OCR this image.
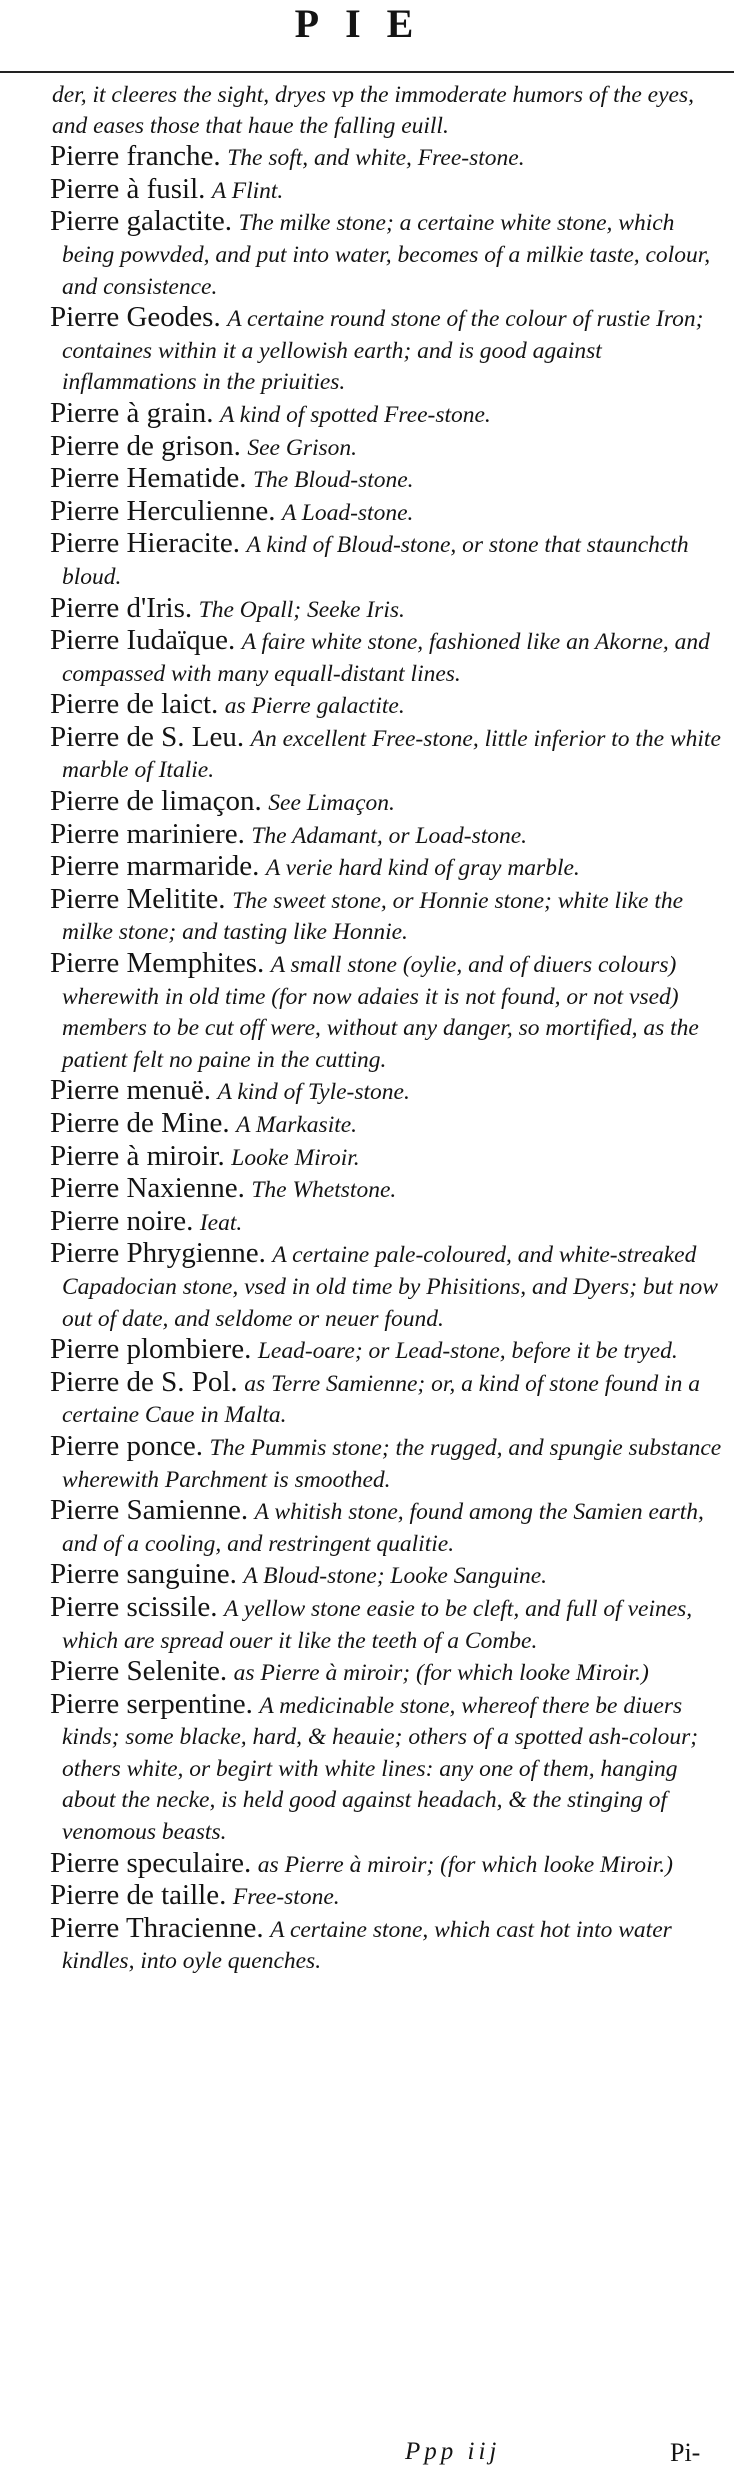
PIE

der, it cleeres the sight, dryes vp the immoderate humors of the eyes, and eases those that haue the falling euill.

Pierre franche. The soft, and white, Free-stone.

Pierre à fusil. A Flint.

Pierre galactite. The milke stone; a certaine white stone, which being powvded, and put into water, becomes of a milkie taste, colour, and consistence.

Pierre Geodes. A certaine round stone of the colour of rustie Iron; containes within it a yellowish earth; and is good against inflammations in the priuities.

Pierre à grain. A kind of spotted Free-stone.

Pierre de grison. See Grison.

Pierre Hematide. The Bloud-stone.

Pierre Herculienne. A Load-stone.

Pierre Hieracite. A kind of Bloud-stone, or stone that staunchcth bloud.

Pierre d'Iris. The Opall; Seeke Iris.

Pierre Iudaïque. A faire white stone, fashioned like an Akorne, and compassed with many equall-distant lines.

Pierre de laict. as Pierre galactite.

Pierre de S. Leu. An excellent Free-stone, little inferior to the white marble of Italie.

Pierre de limaçon. See Limaçon.

Pierre mariniere. The Adamant, or Load-stone.

Pierre marmaride. A verie hard kind of gray marble.

Pierre Melitite. The sweet stone, or Honnie stone; white like the milke stone; and tasting like Honnie.

Pierre Memphites. A small stone (oylie, and of diuers colours) wherewith in old time (for now adaies it is not found, or not vsed) members to be cut off were, without any danger, so mortified, as the patient felt no paine in the cutting.

Pierre menuë. A kind of Tyle-stone.

Pierre de Mine. A Markasite.

Pierre à miroir. Looke Miroir.

Pierre Naxienne. The Whetstone.

Pierre noire. Ieat.

Pierre Phrygienne. A certaine pale-coloured, and white-streaked Capadocian stone, vsed in old time by Phisitions, and Dyers; but now out of date, and seldome or neuer found.

Pierre plombiere. Lead-oare; or Lead-stone, before it be tryed.

Pierre de S. Pol. as Terre Samienne; or, a kind of stone found in a certaine Caue in Malta.

Pierre ponce. The Pummis stone; the rugged, and spungie substance wherewith Parchment is smoothed.

Pierre Samienne. A whitish stone, found among the Samien earth, and of a cooling, and restringent qualitie.

Pierre sanguine. A Bloud-stone; Looke Sanguine.

Pierre scissile. A yellow stone easie to be cleft, and full of veines, which are spread ouer it like the teeth of a Combe.

Pierre Selenite. as Pierre à miroir; (for which looke Miroir.)

Pierre serpentine. A medicinable stone, whereof there be diuers kinds; some blacke, hard, & heauie; others of a spotted ash-colour; others white, or begirt with white lines: any one of them, hanging about the necke, is held good against headach, & the stinging of venomous beasts.

Pierre speculaire. as Pierre à miroir; (for which looke Miroir.)

Pierre de taille. Free-stone.

Pierre Thracienne. A certaine stone, which cast hot into water kindles, into oyle quenches.

Ppp iij	Pi-
